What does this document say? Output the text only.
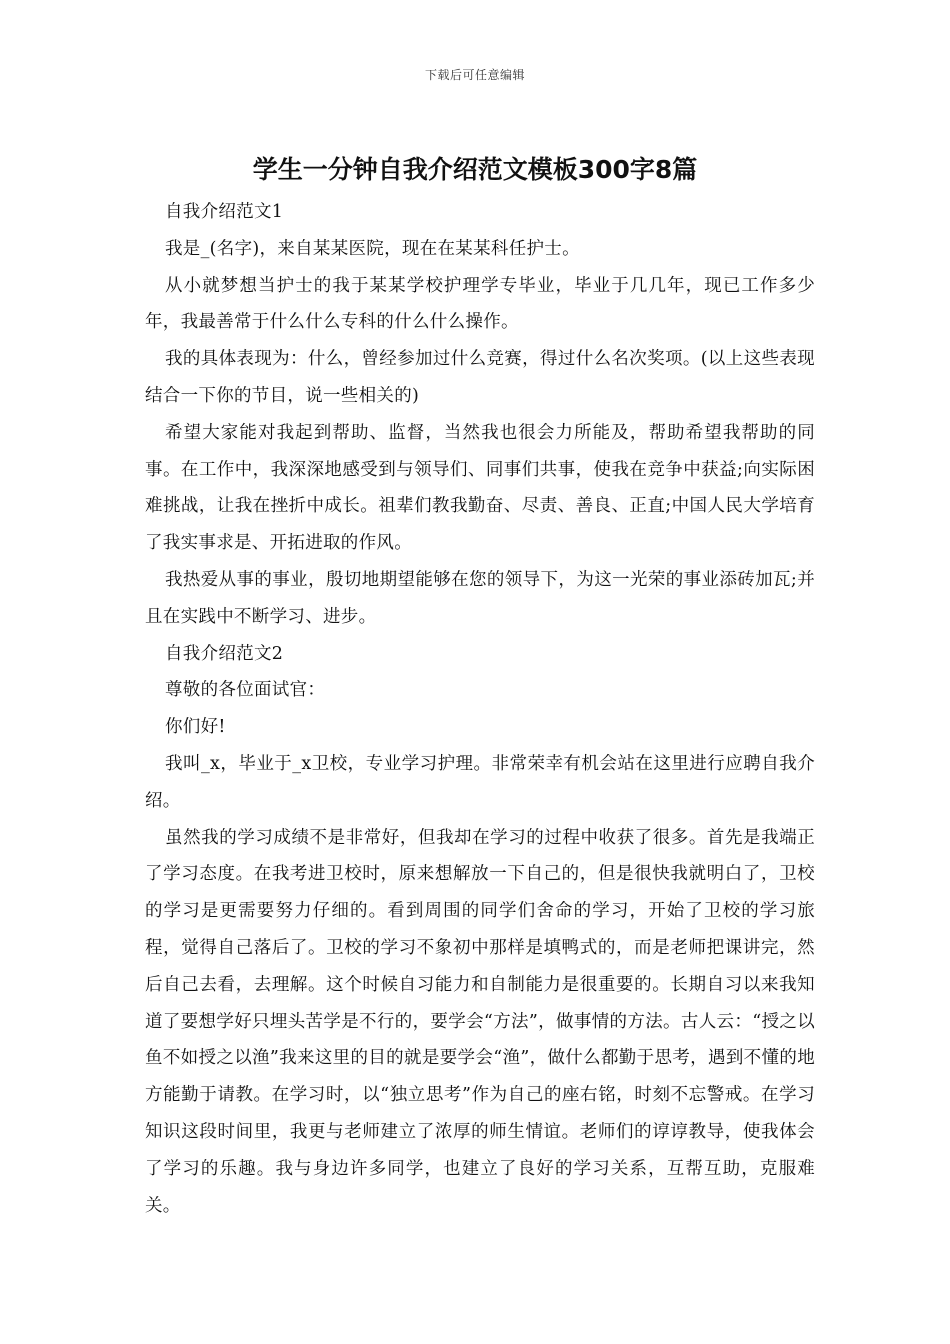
下载后可任意编辑
学生一分钟自我介绍范文模板300字8篇

自我介绍范文1

我是_(名字)，来自某某医院，现在在某某科任护士。

从小就梦想当护士的我于某某学校护理学专毕业，毕业于几几年，现已工作多少年，我最善常于什么什么专科的什么什么操作。

我的具体表现为：什么，曾经参加过什么竞赛，得过什么名次奖项。(以上这些表现结合一下你的节目，说一些相关的)

希望大家能对我起到帮助、监督，当然我也很会力所能及，帮助希望我帮助的同事。在工作中，我深深地感受到与领导们、同事们共事，使我在竞争中获益;向实际困难挑战，让我在挫折中成长。祖辈们教我勤奋、尽责、善良、正直;中国人民大学培育了我实事求是、开拓进取的作风。

我热爱从事的事业，殷切地期望能够在您的领导下，为这一光荣的事业添砖加瓦;并且在实践中不断学习、进步。

自我介绍范文2

尊敬的各位面试官：

你们好!

我叫_x，毕业于_x卫校，专业学习护理。非常荣幸有机会站在这里进行应聘自我介绍。

虽然我的学习成绩不是非常好，但我却在学习的过程中收获了很多。首先是我端正了学习态度。在我考进卫校时，原来想解放一下自己的，但是很快我就明白了，卫校的学习是更需要努力仔细的。看到周围的同学们舍命的学习，开始了卫校的学习旅程，觉得自己落后了。卫校的学习不象初中那样是填鸭式的，而是老师把课讲完，然后自己去看，去理解。这个时候自习能力和自制能力是很重要的。长期自习以来我知道了要想学好只埋头苦学是不行的，要学会“方法”，做事情的方法。古人云：“授之以鱼不如授之以渔”我来这里的目的就是要学会“渔”，做什么都勤于思考，遇到不懂的地方能勤于请教。在学习时，以“独立思考”作为自己的座右铭，时刻不忘警戒。在学习知识这段时间里，我更与老师建立了浓厚的师生情谊。老师们的谆谆教导，使我体会了学习的乐趣。我与身边许多同学，也建立了良好的学习关系，互帮互助，克服难关。
